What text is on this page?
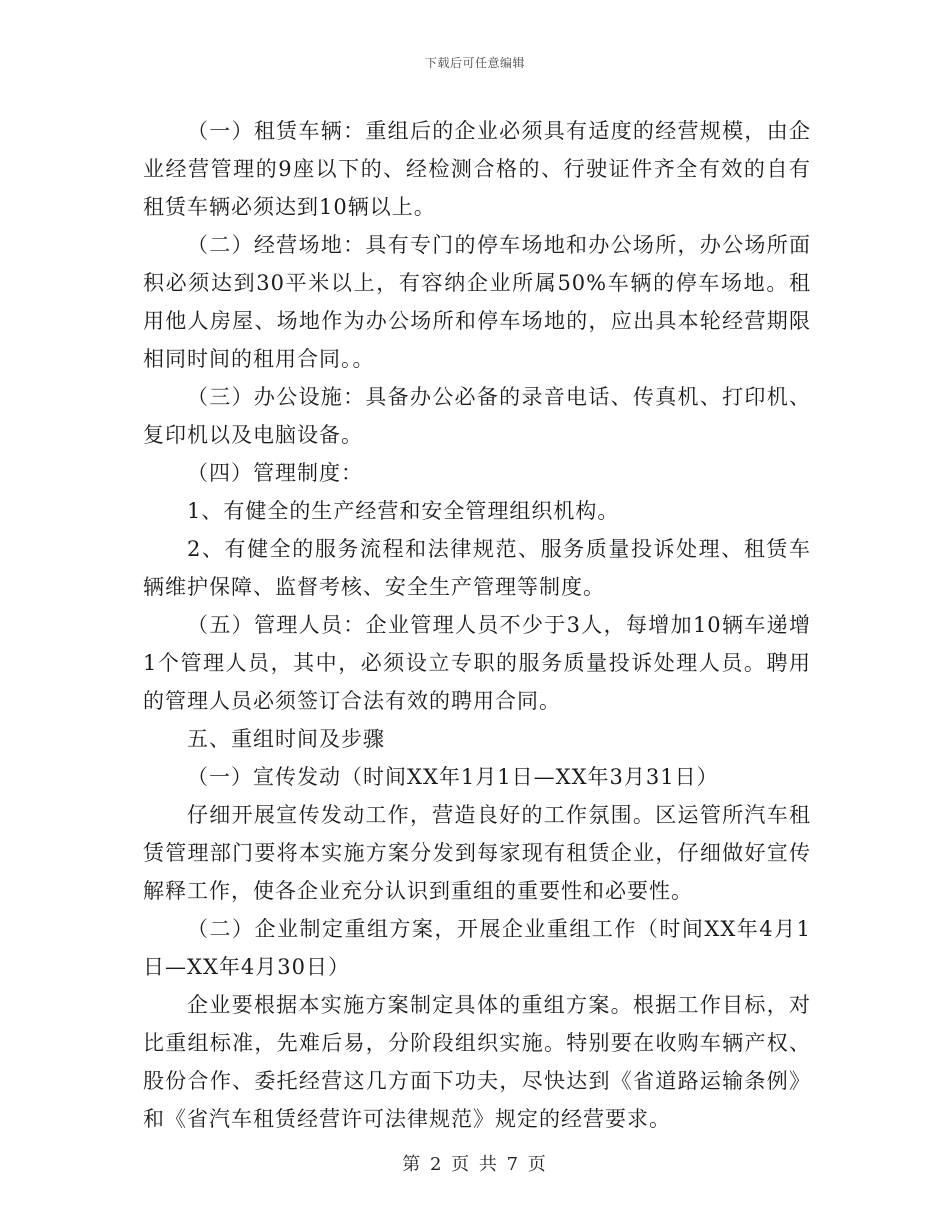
下载后可任意编辑

（一）租赁车辆：重组后的企业必须具有适度的经营规模，由企业经营管理的9座以下的、经检测合格的、行驶证件齐全有效的自有租赁车辆必须达到10辆以上。

（二）经营场地：具有专门的停车场地和办公场所，办公场所面积必须达到30平米以上，有容纳企业所属50%车辆的停车场地。租用他人房屋、场地作为办公场所和停车场地的，应出具本轮经营期限相同时间的租用合同。。

（三）办公设施：具备办公必备的录音电话、传真机、打印机、复印机以及电脑设备。

（四）管理制度：

1、有健全的生产经营和安全管理组织机构。

2、有健全的服务流程和法律规范、服务质量投诉处理、租赁车辆维护保障、监督考核、安全生产管理等制度。

（五）管理人员：企业管理人员不少于3人，每增加10辆车递增1个管理人员，其中，必须设立专职的服务质量投诉处理人员。聘用的管理人员必须签订合法有效的聘用合同。

五、重组时间及步骤

（一）宣传发动（时间XX年1月1日—XX年3月31日）

仔细开展宣传发动工作，营造良好的工作氛围。区运管所汽车租赁管理部门要将本实施方案分发到每家现有租赁企业，仔细做好宣传解释工作，使各企业充分认识到重组的重要性和必要性。

（二）企业制定重组方案，开展企业重组工作（时间XX年4月1日—XX年4月30日）

企业要根据本实施方案制定具体的重组方案。根据工作目标，对比重组标准，先难后易，分阶段组织实施。特别要在收购车辆产权、股份合作、委托经营这几方面下功夫，尽快达到《省道路运输条例》和《省汽车租赁经营许可法律规范》规定的经营要求。

第 2 页 共 7 页
